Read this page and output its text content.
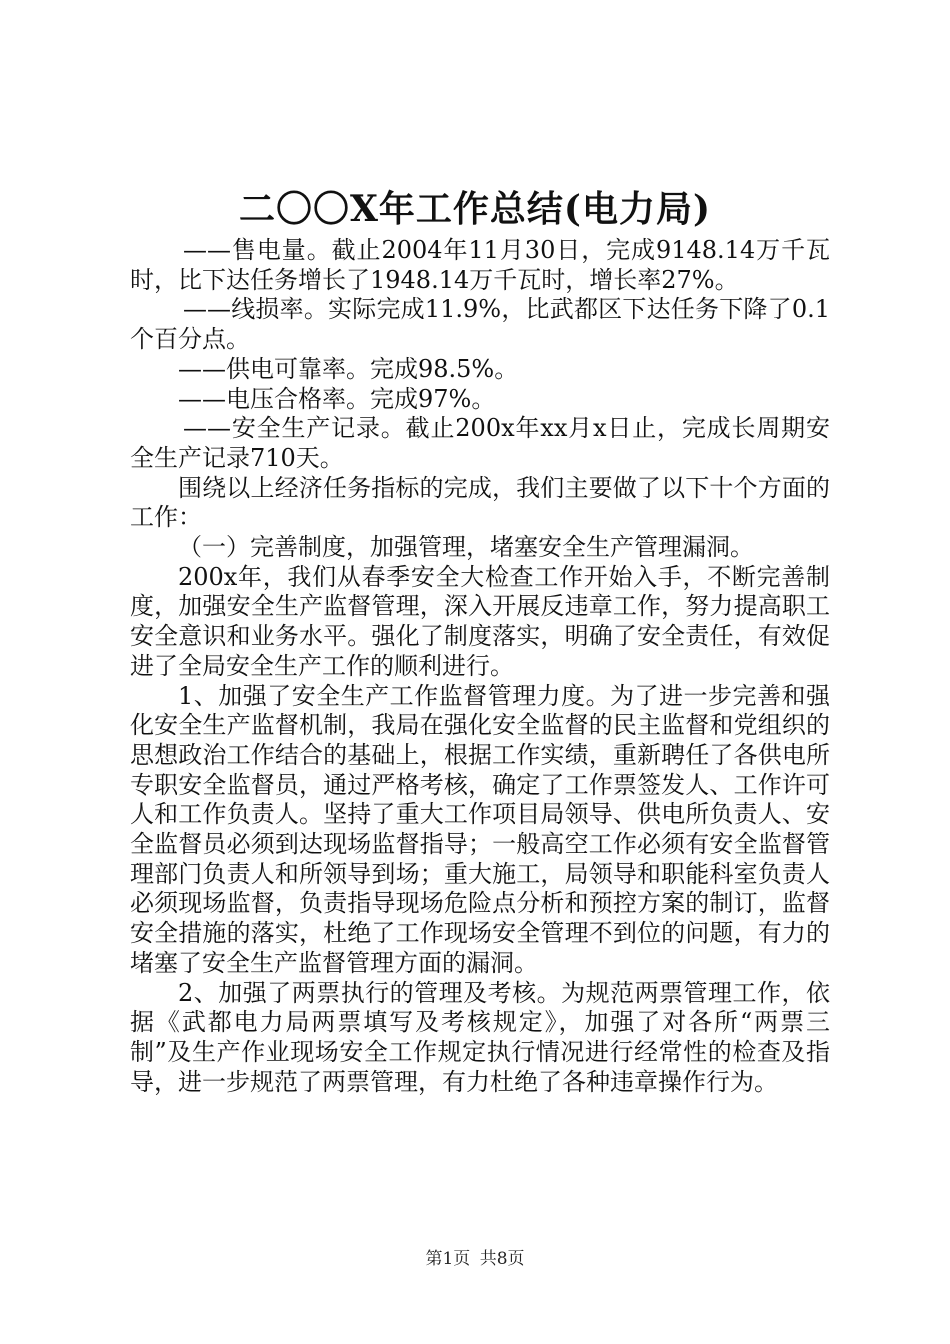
二〇〇X年工作总结(电力局)

——售电量。截止2004年11月30日，完成9148.14万千瓦时，比下达任务增长了1948.14万千瓦时，增长率27%。

——线损率。实际完成11.9%，比武都区下达任务下降了0.1个百分点。

——供电可靠率。完成98.5%。

——电压合格率。完成97%。

——安全生产记录。截止200x年xx月x日止，完成长周期安全生产记录710天。

围绕以上经济任务指标的完成，我们主要做了以下十个方面的工作：

（一）完善制度，加强管理，堵塞安全生产管理漏洞。

200x年，我们从春季安全大检查工作开始入手，不断完善制度，加强安全生产监督管理，深入开展反违章工作，努力提高职工安全意识和业务水平。强化了制度落实，明确了安全责任，有效促进了全局安全生产工作的顺利进行。

1、加强了安全生产工作监督管理力度。为了进一步完善和强化安全生产监督机制，我局在强化安全监督的民主监督和党组织的思想政治工作结合的基础上，根据工作实绩，重新聘任了各供电所专职安全监督员，通过严格考核，确定了工作票签发人、工作许可人和工作负责人。坚持了重大工作项目局领导、供电所负责人、安全监督员必须到达现场监督指导；一般高空工作必须有安全监督管理部门负责人和所领导到场；重大施工，局领导和职能科室负责人必须现场监督，负责指导现场危险点分析和预控方案的制订，监督安全措施的落实，杜绝了工作现场安全管理不到位的问题，有力的堵塞了安全生产监督管理方面的漏洞。

2、加强了两票执行的管理及考核。为规范两票管理工作，依据《武都电力局两票填写及考核规定》，加强了对各所“两票三制”及生产作业现场安全工作规定执行情况进行经常性的检查及指导，进一步规范了两票管理，有力杜绝了各种违章操作行为。

第1页 共8页
